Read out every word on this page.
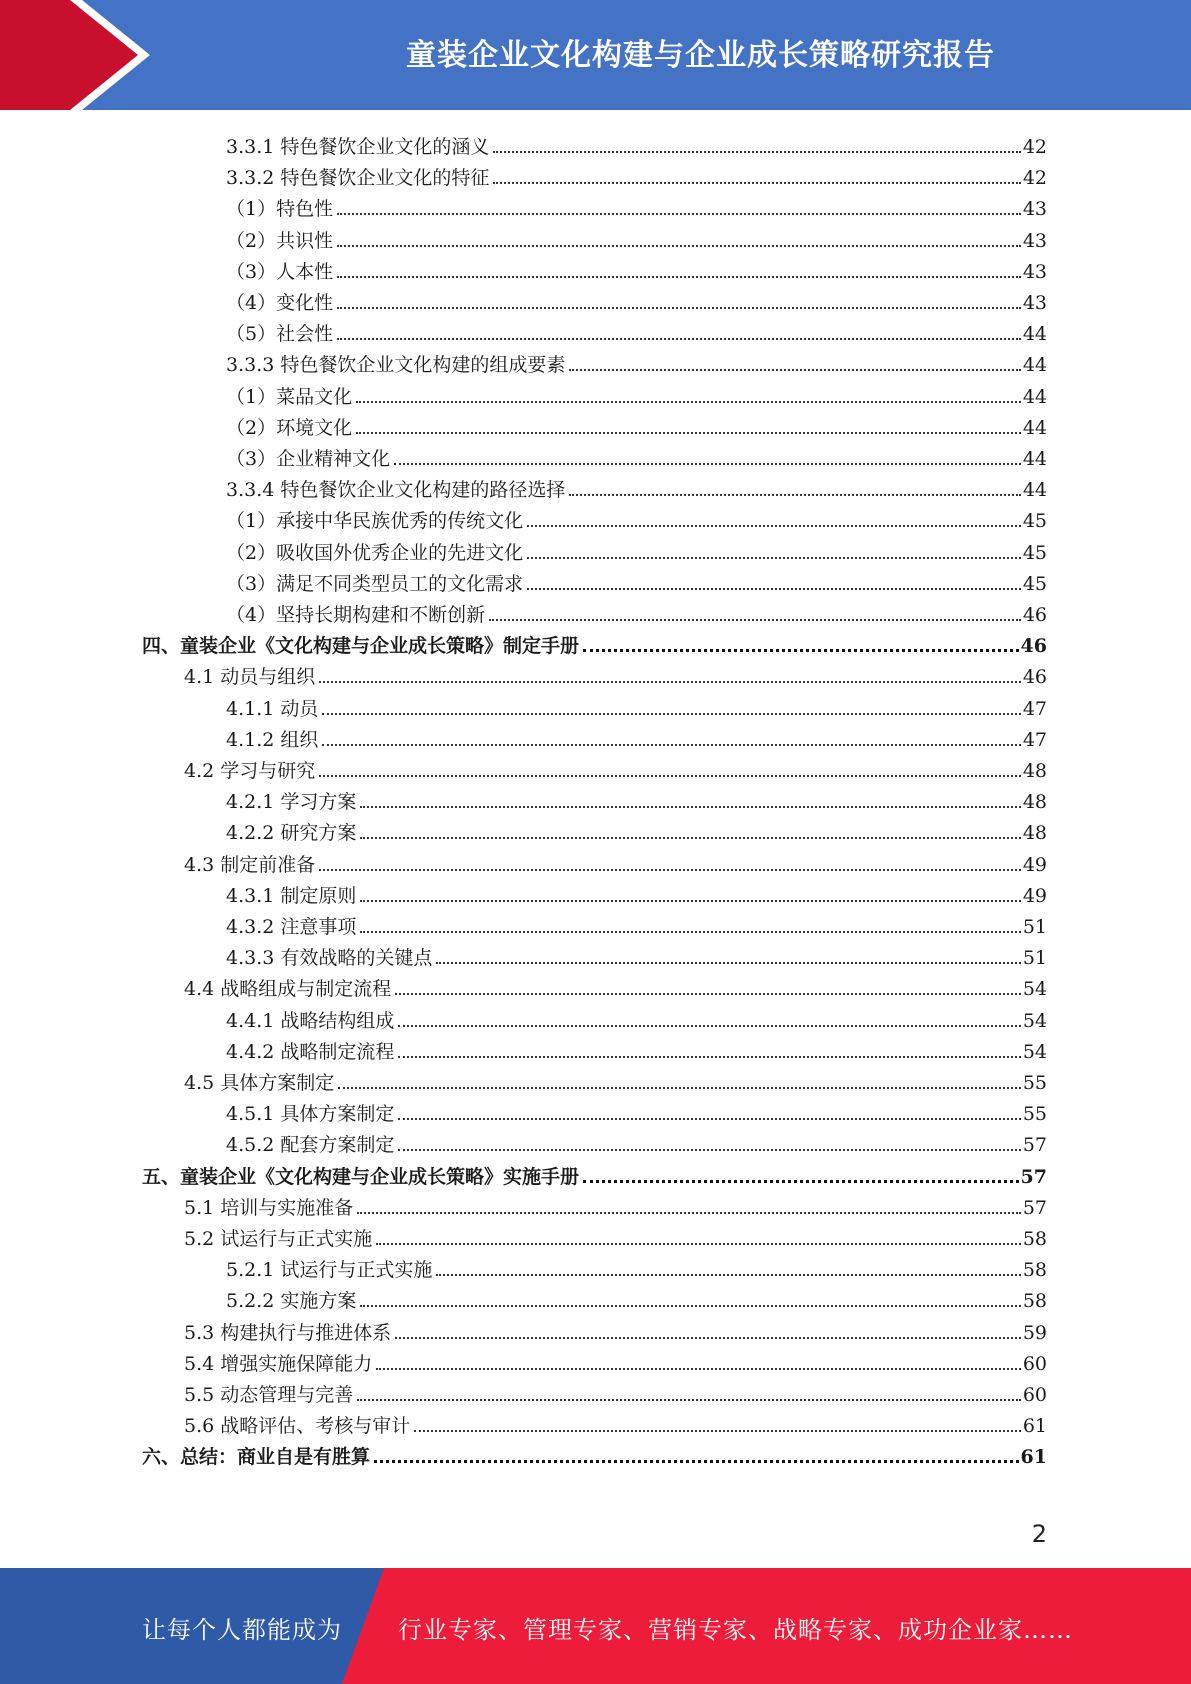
童装企业文化构建与企业成长策略研究报告
3.3.1 特色餐饮企业文化的涵义	42
3.3.2 特色餐饮企业文化的特征	42
（1）特色性	43
（2）共识性	43
（3）人本性	43
（4）变化性	43
（5）社会性	44
3.3.3 特色餐饮企业文化构建的组成要素	44
（1）菜品文化	44
（2）环境文化	44
（3）企业精神文化	44
3.3.4 特色餐饮企业文化构建的路径选择	44
（1）承接中华民族优秀的传统文化	45
（2）吸收国外优秀企业的先进文化	45
（3）满足不同类型员工的文化需求	45
（4）坚持长期构建和不断创新	46
四、童装企业《文化构建与企业成长策略》制定手册	46
4.1 动员与组织	46
4.1.1 动员	47
4.1.2 组织	47
4.2 学习与研究	48
4.2.1 学习方案	48
4.2.2 研究方案	48
4.3 制定前准备	49
4.3.1 制定原则	49
4.3.2 注意事项	51
4.3.3 有效战略的关键点	51
4.4 战略组成与制定流程	54
4.4.1 战略结构组成	54
4.4.2 战略制定流程	54
4.5 具体方案制定	55
4.5.1 具体方案制定	55
4.5.2 配套方案制定	57
五、童装企业《文化构建与企业成长策略》实施手册	57
5.1 培训与实施准备	57
5.2 试运行与正式实施	58
5.2.1 试运行与正式实施	58
5.2.2 实施方案	58
5.3 构建执行与推进体系	59
5.4 增强实施保障能力	60
5.5 动态管理与完善	60
5.6 战略评估、考核与审计	61
六、总结：商业自是有胜算	61
2
让每个人都能成为 行业专家、管理专家、营销专家、战略专家、成功企业家……
